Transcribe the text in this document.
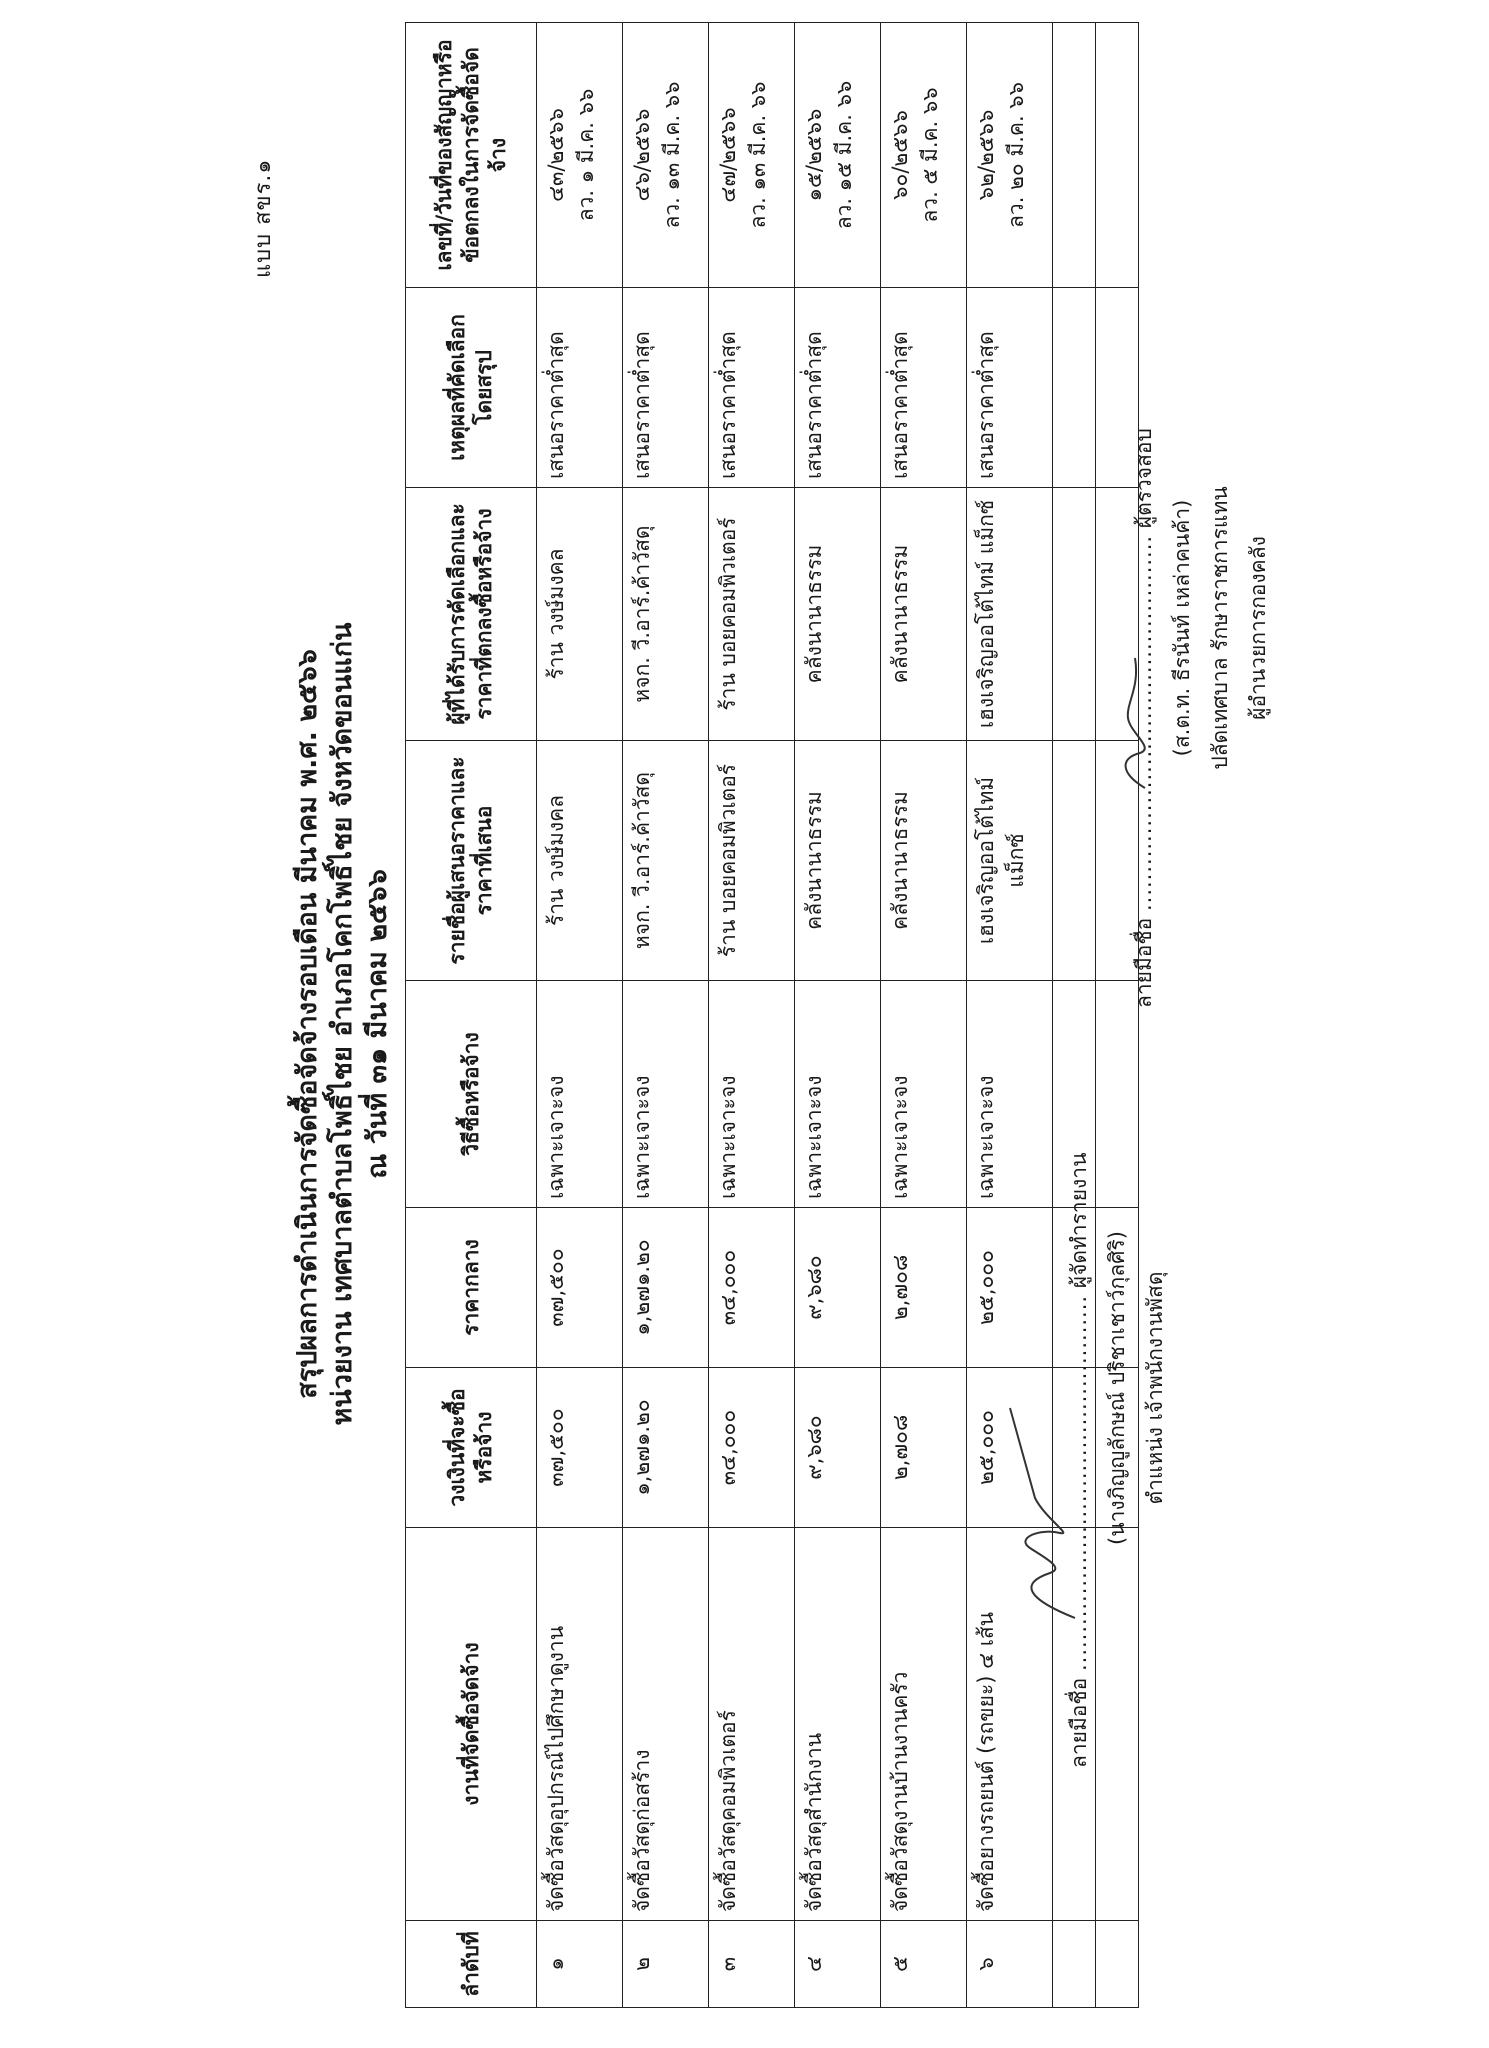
แบบ สขร.๑
สรุปผลการดำเนินการจัดซื้อจัดจ้างรอบเดือน มีนาคม พ.ศ. ๒๕๖๖ หน่วยงาน เทศบาลตำบลโพธิ์ไชย อำเภอโคกโพธิ์ไชย จังหวัดขอนแก่น ณ วันที่ ๓๑ มีนาคม ๒๕๖๖
ลำดับที่	งานที่จัดซื้อจัดจ้าง	วงเงินที่จะซื้อหรือจ้าง	ราคากลาง	วิธีซื้อหรือจ้าง	รายชื่อผู้เสนอราคาและราคาที่เสนอ	ผู้ที่ได้รับการคัดเลือกและราคาที่ตกลงซื้อหรือจ้าง	เหตุผลที่คัดเลือกโดยสรุป	เลขที่/วันที่ของสัญญาหรือข้อตกลงในการจัดซื้อจัดจ้าง
๑	จัดซื้อวัสดุอุปกรณ์ไปศึกษาดูงาน	๓๗,๕๐๐	๓๗,๕๐๐	เฉพาะเจาะจง	ร้าน วงษ์มงคล	ร้าน วงษ์มงคล	เสนอราคาต่ำสุด	๔๓/๒๕๖๖ ลว. ๑ มี.ค. ๖๖

๒	จัดซื้อวัสดุก่อสร้าง	๑,๒๗๑.๒๐	๑,๒๗๑.๒๐	เฉพาะเจาะจง	หจก. วี.อาร์.ค้าวัสดุ	หจก. วี.อาร์.ค้าวัสดุ	เสนอราคาต่ำสุด	๔๖/๒๕๖๖ ลว. ๑๓ มี.ค. ๖๖

๓	จัดซื้อวัสดุคอมพิวเตอร์	๓๔,๐๐๐	๓๔,๐๐๐	เฉพาะเจาะจง	ร้าน บอยคอมพิวเตอร์	ร้าน บอยคอมพิวเตอร์	เสนอราคาต่ำสุด	๔๗/๒๕๖๖ ลว. ๑๓ มี.ค. ๖๖

๔	จัดซื้อวัสดุสำนักงาน	๙,๖๘๐	๙,๖๘๐	เฉพาะเจาะจง	คลังนานาธรรม	คลังนานาธรรม	เสนอราคาต่ำสุด	๑๕/๒๕๖๖ ลว. ๑๕ มี.ค. ๖๖

๕	จัดซื้อวัสดุงานบ้านงานครัว	๒,๗๐๘	๒,๗๐๘	เฉพาะเจาะจง	คลังนานาธรรม	คลังนานาธรรม	เสนอราคาต่ำสุด	๖๐/๒๕๖๖ ลว. ๕ มี.ค. ๖๖

๖	จัดซื้อยางรถยนต์ (รถขยะ) ๔ เส้น	๒๕,๐๐๐	๒๕,๐๐๐	เฉพาะเจาะจง	เฮงเจริญออโต้ไทม์ แม็กซ์	เฮงเจริญออโต้ไทม์ แม็กซ์	เสนอราคาต่ำสุด	๖๒/๒๕๖๖ ลว. ๒๐ มี.ค. ๖๖

ลายมือชื่อ ................................................. ผู้จัดทำรายงาน
(นางภิญญูลักษณ์ ปริชาเชาว์กุลศิริ) ตำแหน่ง เจ้าพนักงานพัสดุ
ลายมือชื่อ ................................................. ผู้ตรวจสอบ
(ส.ต.ท. ธีรนันท์ เหล่าคนค้า) ปลัดเทศบาล รักษาราชการแทน ผู้อำนวยการกองคลัง
